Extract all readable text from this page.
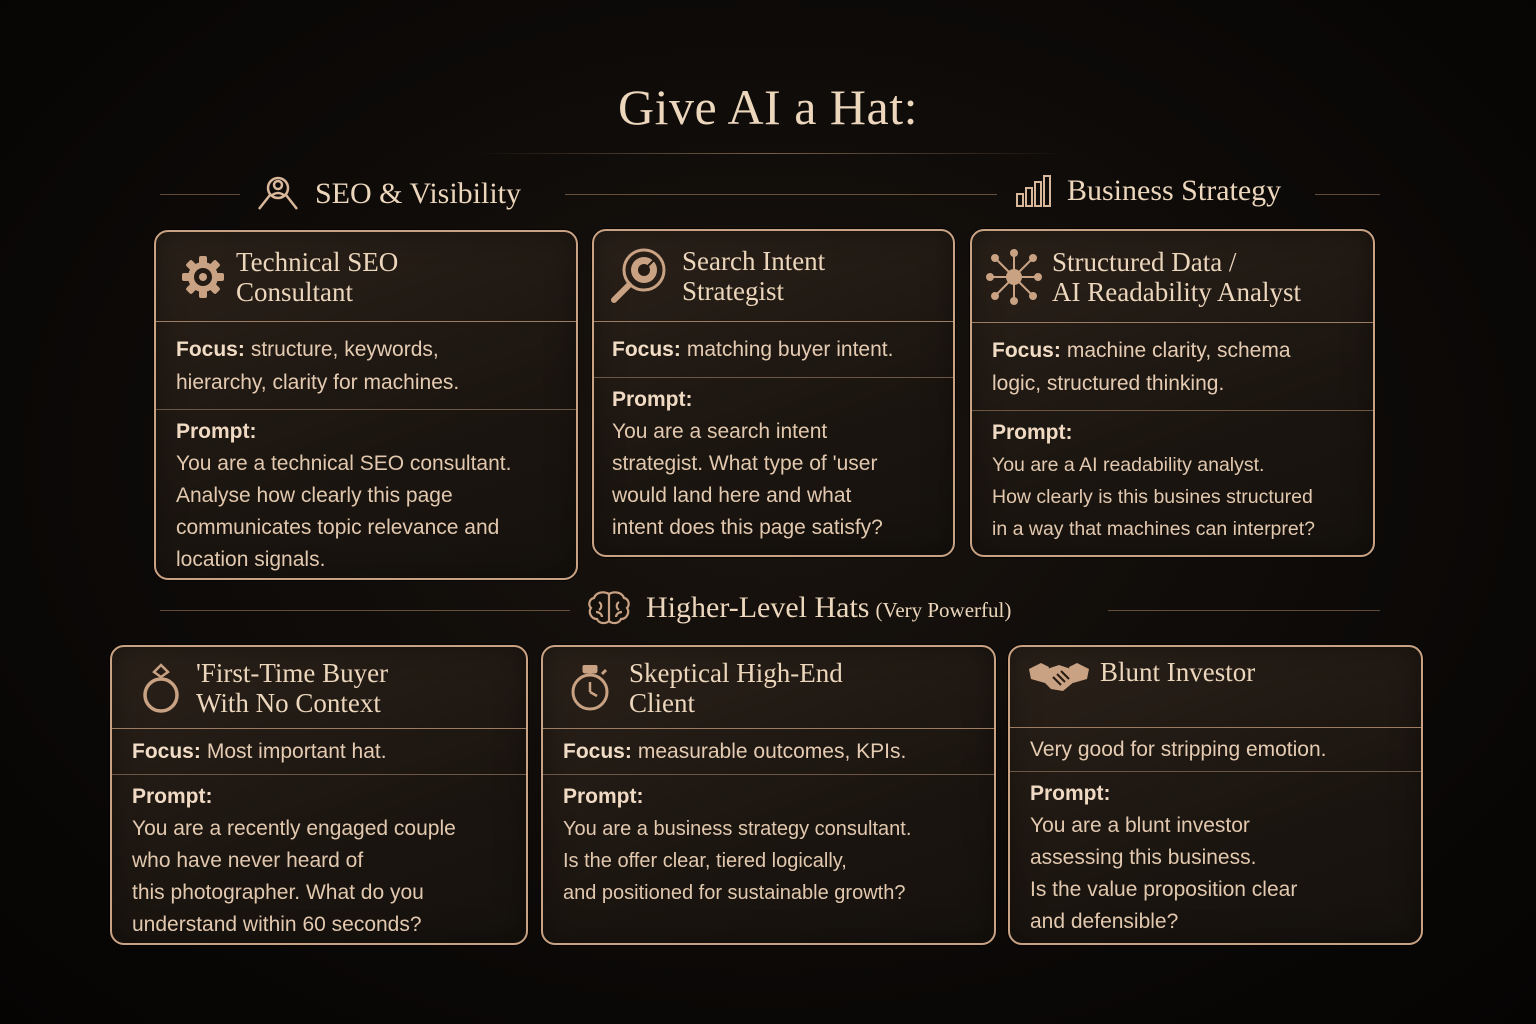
Give AI a Hat:
SEO & Visibility	Business Strategy
Technical SEO
Consultant
Focus: structure, keywords,
hierarchy, clarity for machines.
Prompt:
You are a technical SEO consultant.
Analyse how clearly this page
communicates topic relevance and
location signals.
Search Intent
Strategist
Focus: matching buyer intent.
Prompt:
You are a search intent
strategist. What type of 'user
would land here and what
intent does this page satisfy?
Structured Data /
AI Readability Analyst
Focus: machine clarity, schema
logic, structured thinking.
Prompt:
You are a AI readability analyst.
How clearly is this busines structured
in a way that machines can interpret?
Higher-Level Hats (Very Powerful)
'First-Time Buyer
With No Context
Focus: Most important hat.
Prompt:
You are a recently engaged couple
who have never heard of
this photographer. What do you
understand within 60 seconds?
Skeptical High-End
Client
Focus: measurable outcomes, KPIs.
Prompt:
You are a business strategy consultant.
Is the offer clear, tiered logically,
and positioned for sustainable growth?
Blunt Investor
Very good for stripping emotion.
Prompt:
You are a blunt investor
assessing this business.
Is the value proposition clear
and defensible?
